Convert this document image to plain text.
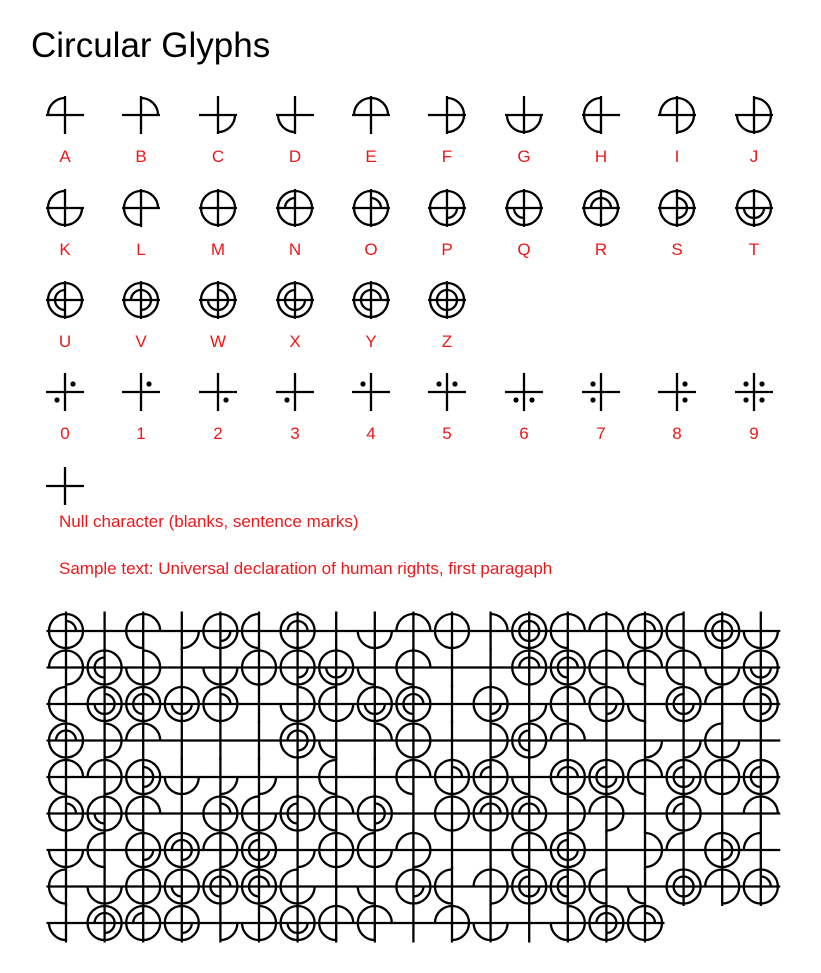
Circular Glyphs
A	B	C	D	E	F	G	H	I	J
K	L	M	N	O	P	Q	R	S	T
U	V	W	X	Y	Z
0	1	2	3	4	5	6	7	8	9
Null character (blanks, sentence marks)
Sample text: Universal declaration of human rights, first paragaph
